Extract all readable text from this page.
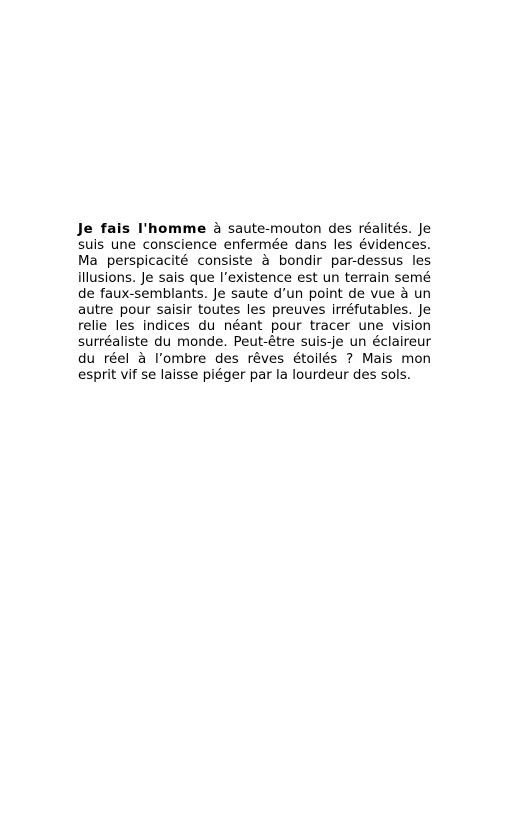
Je fais l'homme à saute-mouton des réalités. Je suis une conscience enfermée dans les évidences. Ma perspicacité consiste à bondir par-dessus les illusions. Je sais que l’existence est un terrain semé de faux-semblants. Je saute d’un point de vue à un autre pour saisir toutes les preuves irréfutables. Je relie les indices du néant pour tracer une vision surréaliste du monde. Peut-être suis-je un éclaireur du réel à l’ombre des rêves étoilés ? Mais mon esprit vif se laisse piéger par la lourdeur des sols.
